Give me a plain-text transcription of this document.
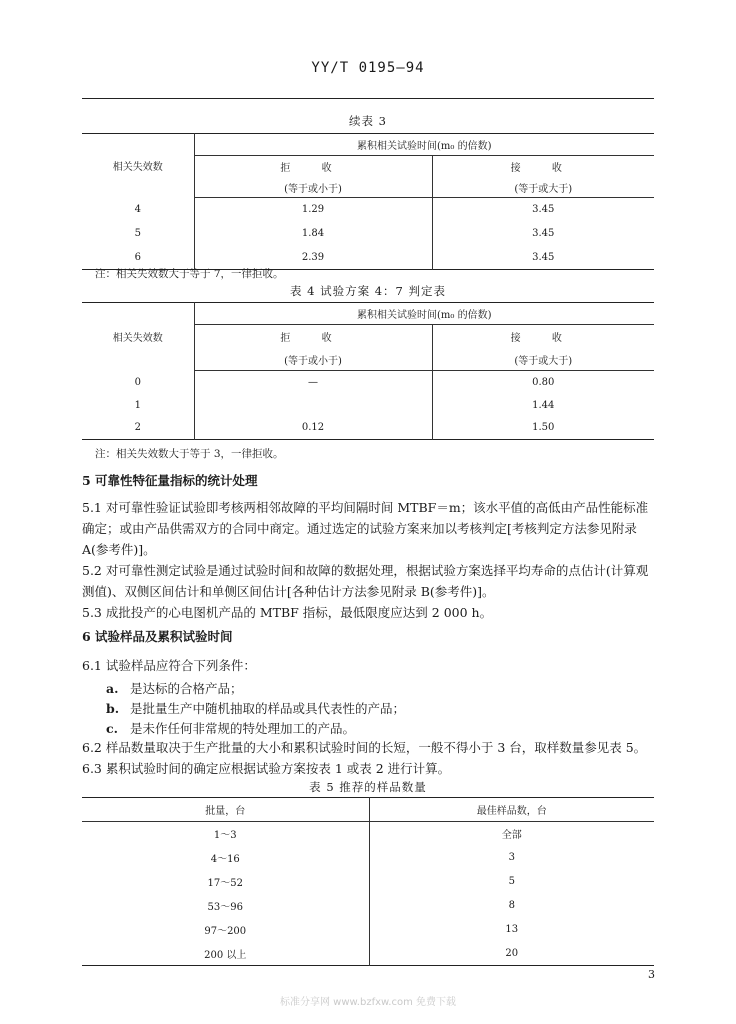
YY/T 0195—94
续表 3
相关失效数	累积相关试验时间(m₀ 的倍数)	
	拒 收	接 收
	(等于或小于)	(等于或大于)
4	1.29	3.45
5	1.84	3.45
6	2.39	3.45
注：相关失效数大于等于 7，一律拒收。
表 4 试验方案 4：7 判定表
相关失效数	累积相关试验时间(m₀ 的倍数)	
	拒 收	接 收
	(等于或小于)	(等于或大于)
0	—	0.80
1		1.44
2	0.12	1.50
注：相关失效数大于等于 3，一律拒收。
5 可靠性特征量指标的统计处理
5.1 对可靠性验证试验即考核两相邻故障的平均间隔时间 MTBF＝m；该水平值的高低由产品性能标准确定；或由产品供需双方的合同中商定。通过选定的试验方案来加以考核判定[考核判定方法参见附录 A(参考件)]。
5.2 对可靠性测定试验是通过试验时间和故障的数据处理，根据试验方案选择平均寿命的点估计(计算观测值)、双侧区间估计和单侧区间估计[各种估计方法参见附录 B(参考件)]。
5.3 成批投产的心电图机产品的 MTBF 指标，最低限度应达到 2 000 h。
6 试验样品及累积试验时间
6.1 试验样品应符合下列条件：
a. 是达标的合格产品；
b. 是批量生产中随机抽取的样品或具代表性的产品；
c. 是未作任何非常规的特处理加工的产品。
6.2 样品数量取决于生产批量的大小和累积试验时间的长短，一般不得小于 3 台，取样数量参见表 5。
6.3 累积试验时间的确定应根据试验方案按表 1 或表 2 进行计算。
表 5 推荐的样品数量
批量，台	最佳样品数，台
1～3	全部
4～16	3
17～52	5
53～96	8
97～200	13
200 以上	20
3
标准分享网 www.bzfxw.com 免费下载
